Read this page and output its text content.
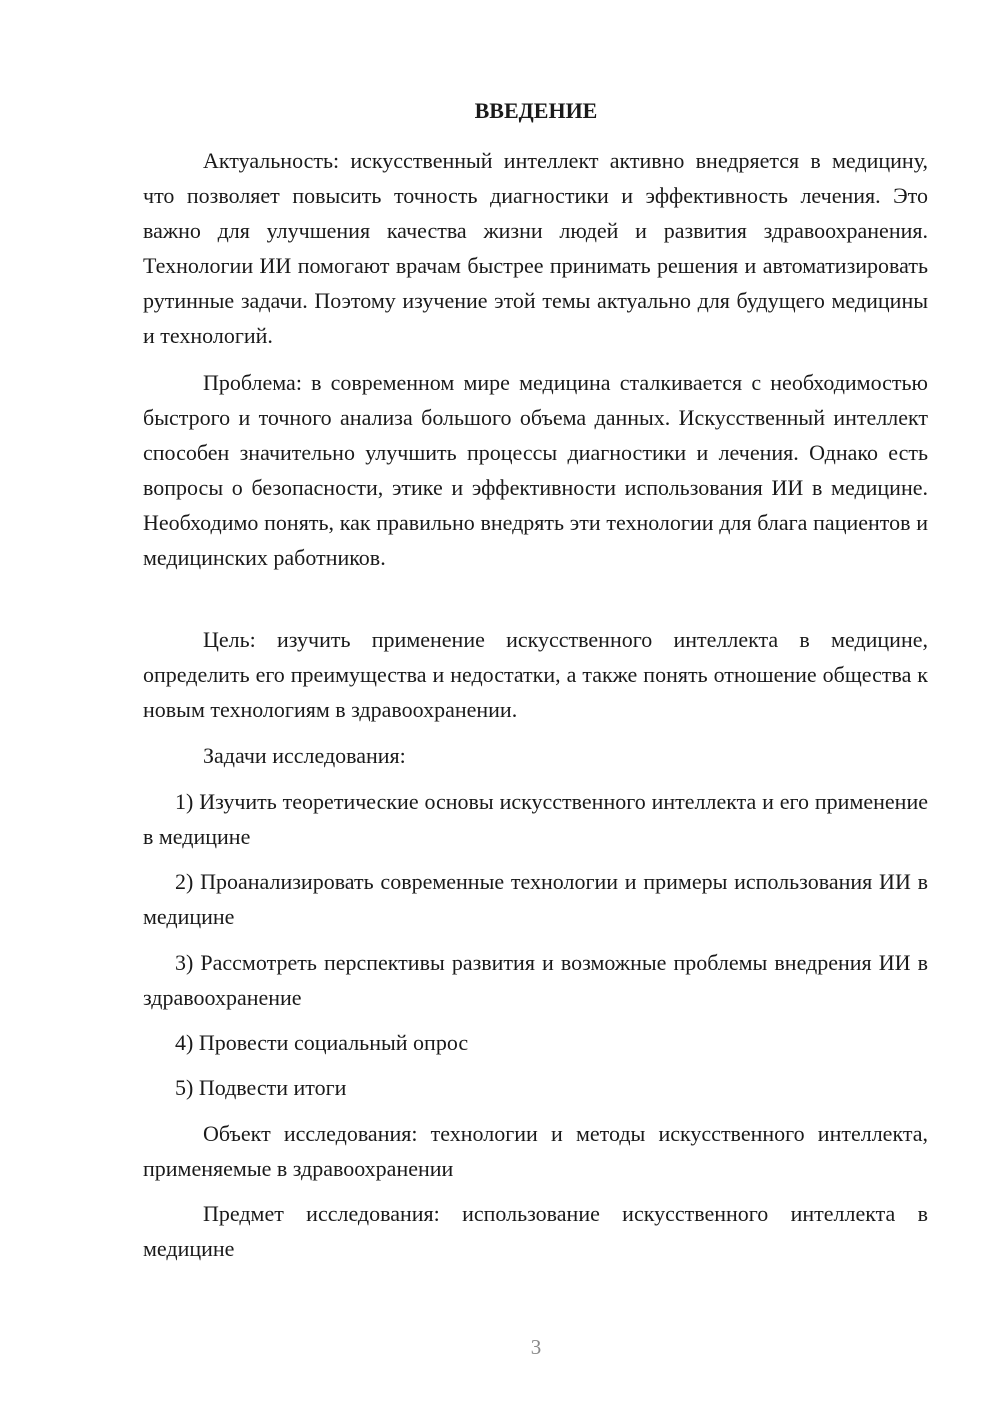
ВВЕДЕНИЕ

Актуальность: искусственный интеллект активно внедряется в медицину, что позволяет повысить точность диагностики и эффективность лечения. Это важно для улучшения качества жизни людей и развития здравоохранения. Технологии ИИ помогают врачам быстрее принимать решения и автоматизировать рутинные задачи. Поэтому изучение этой темы актуально для будущего медицины и технологий.

Проблема: в современном мире медицина сталкивается с необходимостью быстрого и точного анализа большого объема данных. Искусственный интеллект способен значительно улучшить процессы диагностики и лечения. Однако есть вопросы о безопасности, этике и эффективности использования ИИ в медицине. Необходимо понять, как правильно внедрять эти технологии для блага пациентов и медицинских работников.

Цель: изучить применение искусственного интеллекта в медицине, определить его преимущества и недостатки, а также понять отношение общества к новым технологиям в здравоохранении.

Задачи исследования:

1) Изучить теоретические основы искусственного интеллекта и его применение в медицине

2) Проанализировать современные технологии и примеры использования ИИ в медицине

3) Рассмотреть перспективы развития и возможные проблемы внедрения ИИ в здравоохранение

4) Провести социальный опрос

5) Подвести итоги

Объект исследования: технологии и методы искусственного интеллекта, применяемые в здравоохранении

Предмет исследования: использование искусственного интеллекта в медицине

3
